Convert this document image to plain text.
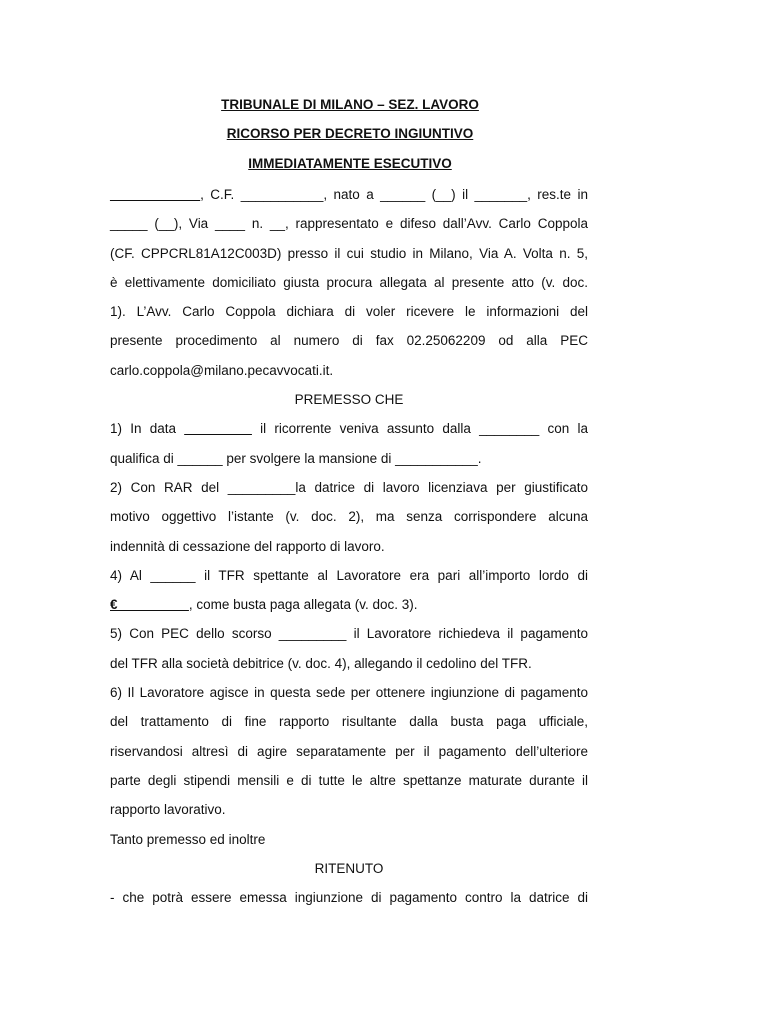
TRIBUNALE DI MILANO – SEZ. LAVORO
RICORSO PER DECRETO INGIUNTIVO
IMMEDIATAMENTE ESECUTIVO
____________, C.F. ___________, nato a ______ (__) il _______, res.te in
_____ (__), Via ____ n. __, rappresentato e difeso dall’Avv. Carlo Coppola
(CF. CPPCRL81A12C003D) presso il cui studio in Milano, Via A. Volta n. 5,
è elettivamente domiciliato giusta procura allegata al presente atto (v. doc.
1). L’Avv. Carlo Coppola dichiara di voler ricevere le informazioni del
presente procedimento al numero di fax 02.25062209 od alla PEC
carlo.coppola@milano.pecavvocati.it.
PREMESSO CHE
1) In data _________ il ricorrente veniva assunto dalla ________ con la
qualifica di ______ per svolgere la mansione di ___________.
2) Con RAR del _________la datrice di lavoro licenziava per giustificato
motivo oggettivo l’istante (v. doc. 2), ma senza corrispondere alcuna
indennità di cessazione del rapporto di lavoro.
4) Al ______ il TFR spettante al Lavoratore era pari all’importo lordo di
€ _________, come busta paga allegata (v. doc. 3).
5) Con PEC dello scorso _________ il Lavoratore richiedeva il pagamento
del TFR alla società debitrice (v. doc. 4), allegando il cedolino del TFR.
6) Il Lavoratore agisce in questa sede per ottenere ingiunzione di pagamento
del trattamento di fine rapporto risultante dalla busta paga ufficiale,
riservandosi altresì di agire separatamente per il pagamento dell’ulteriore
parte degli stipendi mensili e di tutte le altre spettanze maturate durante il
rapporto lavorativo.
Tanto premesso ed inoltre
RITENUTO
- che potrà essere emessa ingiunzione di pagamento contro la datrice di
